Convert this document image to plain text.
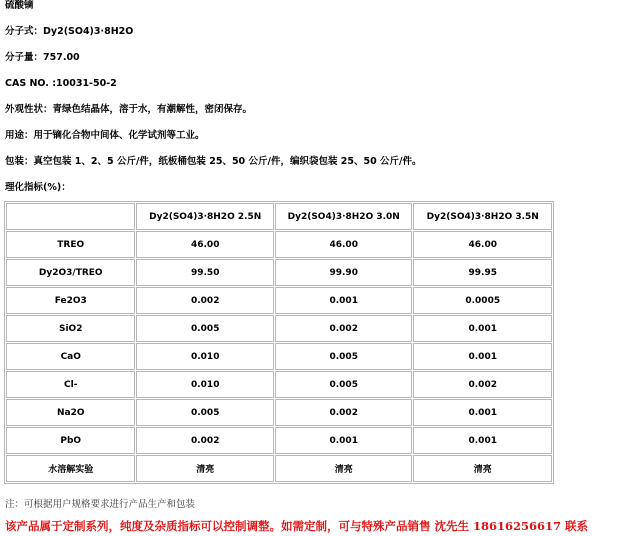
硫酸镝
分子式：Dy2(SO4)3·8H2O
分子量：757.00
CAS NO. :10031-50-2
外观性状：青绿色结晶体，溶于水，有潮解性，密闭保存。
用途：用于镝化合物中间体、化学试剂等工业。
包装：真空包装 1、2、5 公斤/件，纸板桶包装 25、50 公斤/件，编织袋包装 25、50 公斤/件。
理化指标(%)：
	Dy2(SO4)3·8H2O 2.5N	Dy2(SO4)3·8H2O 3.0N	Dy2(SO4)3·8H2O 3.5N
TREO	46.00	46.00	46.00
Dy2O3/TREO	99.50	99.90	99.95
Fe2O3	0.002	0.001	0.0005
SiO2	0.005	0.002	0.001
CaO	0.010	0.005	0.001
Cl-	0.010	0.005	0.002
Na2O	0.005	0.002	0.001
PbO	0.002	0.001	0.001
水溶解实验	清亮	清亮	清亮
注：可根据用户规格要求进行产品生产和包装
该产品属于定制系列，纯度及杂质指标可以控制调整。如需定制，可与特殊产品销售 沈先生 18616256617 联系
